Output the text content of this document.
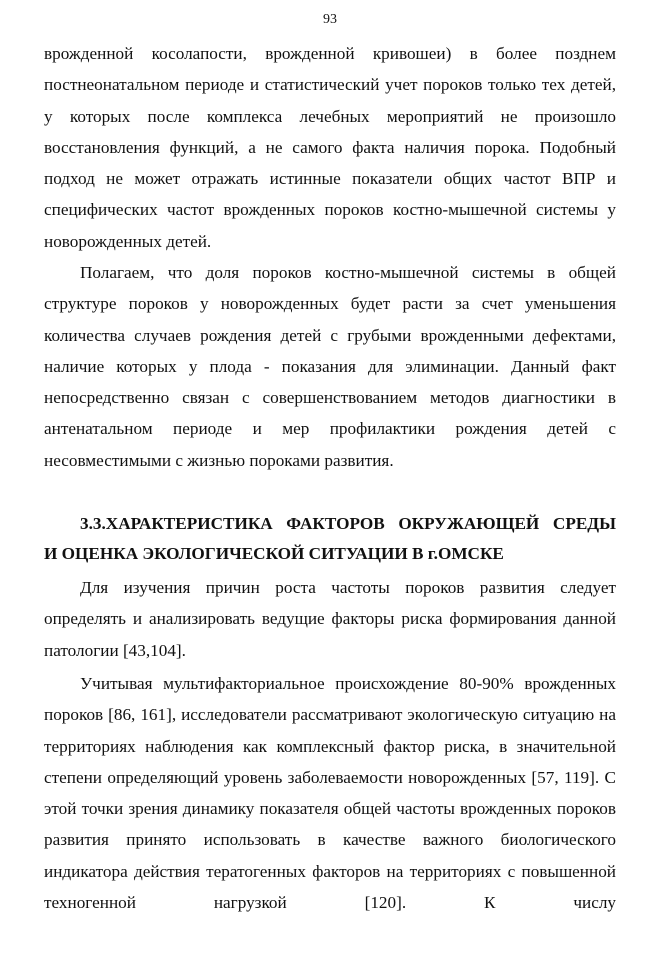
93

врожденной косолапости, врожденной кривошеи) в более позднем постнеонатальном периоде и статистический учет пороков только тех детей, у которых после комплекса лечебных мероприятий не произошло восстановления функций, а не самого факта наличия порока. Подобный подход не может отражать истинные показатели общих частот ВПР и специфических частот врожденных пороков костно-мышечной системы у новорожденных детей.

Полагаем, что доля пороков костно-мышечной системы в общей структуре пороков у новорожденных будет расти за счет уменьшения количества случаев рождения детей с грубыми врожденными дефектами, наличие которых у плода - показания для элиминации. Данный факт непосредственно связан с совершенствованием методов диагностики в антенатальном периоде и мер профилактики рождения детей с несовместимыми с жизнью пороками развития.

3.3.ХАРАКТЕРИСТИКА ФАКТОРОВ ОКРУЖАЮЩЕЙ СРЕДЫ
И ОЦЕНКА ЭКОЛОГИЧЕСКОЙ СИТУАЦИИ В г.ОМСКЕ

Для изучения причин роста частоты пороков развития следует определять и анализировать ведущие факторы риска формирования данной патологии [43,104].

Учитывая мультифакториальное происхождение 80-90% врожденных пороков [86, 161], исследователи рассматривают экологическую ситуацию на территориях наблюдения как комплексный фактор риска, в значительной степени определяющий уровень заболеваемости новорожденных [57, 119]. С этой точки зрения динамику показателя общей частоты врожденных пороков развития принято использовать в качестве важного биологического индикатора действия тератогенных факторов на территориях с повышенной техногенной нагрузкой [120]. К числу
